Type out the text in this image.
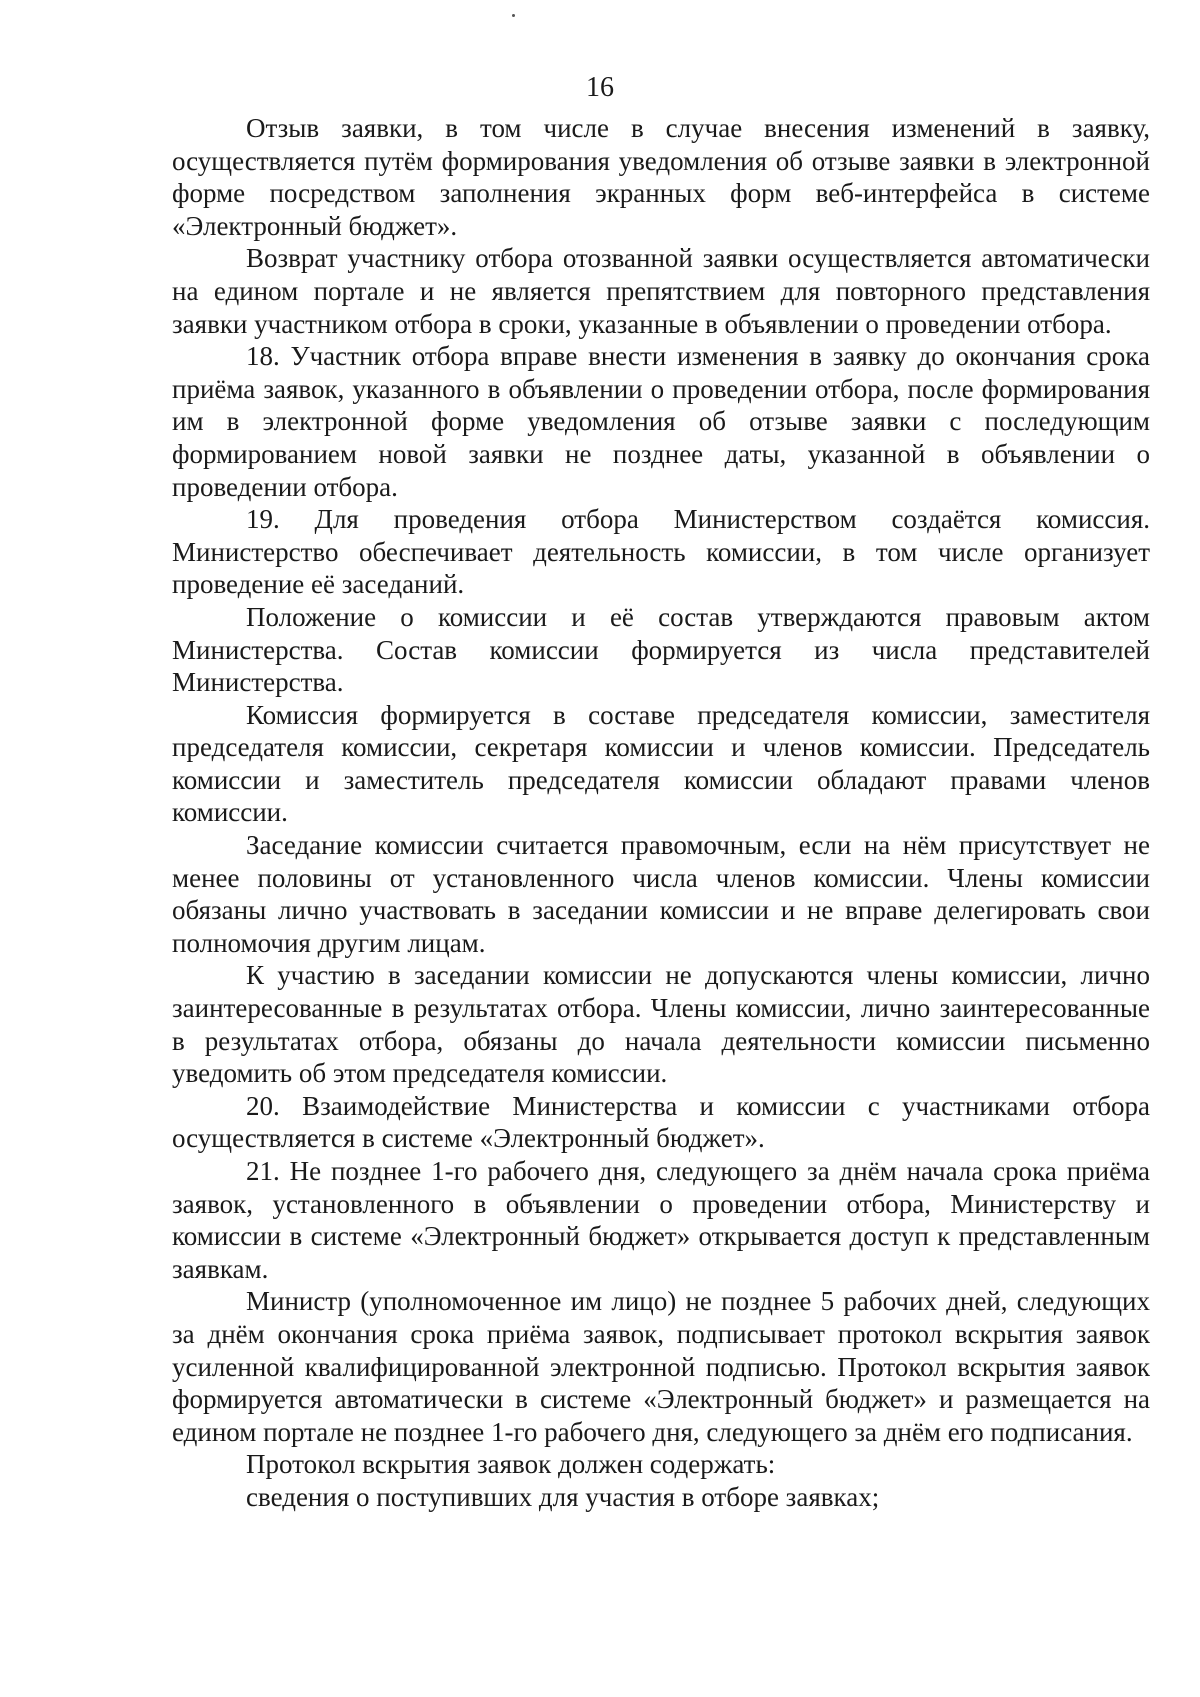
16

Отзыв заявки, в том числе в случае внесения изменений в заявку, осуществляется путём формирования уведомления об отзыве заявки в электронной форме посредством заполнения экранных форм веб-интерфейса в системе «Электронный бюджет».

Возврат участнику отбора отозванной заявки осуществляется автоматически на едином портале и не является препятствием для повторного представления заявки участником отбора в сроки, указанные в объявлении о проведении отбора.

18. Участник отбора вправе внести изменения в заявку до окончания срока приёма заявок, указанного в объявлении о проведении отбора, после формирования им в электронной форме уведомления об отзыве заявки с последующим формированием новой заявки не позднее даты, указанной в объявлении о проведении отбора.

19. Для проведения отбора Министерством создаётся комиссия. Министерство обеспечивает деятельность комиссии, в том числе организует проведение её заседаний.

Положение о комиссии и её состав утверждаются правовым актом Министерства. Состав комиссии формируется из числа представителей Министерства.

Комиссия формируется в составе председателя комиссии, заместителя председателя комиссии, секретаря комиссии и членов комиссии. Председатель комиссии и заместитель председателя комиссии обладают правами членов комиссии.

Заседание комиссии считается правомочным, если на нём присутствует не менее половины от установленного числа членов комиссии. Члены комиссии обязаны лично участвовать в заседании комиссии и не вправе делегировать свои полномочия другим лицам.

К участию в заседании комиссии не допускаются члены комиссии, лично заинтересованные в результатах отбора. Члены комиссии, лично заинтересованные в результатах отбора, обязаны до начала деятельности комиссии письменно уведомить об этом председателя комиссии.

20. Взаимодействие Министерства и комиссии с участниками отбора осуществляется в системе «Электронный бюджет».

21. Не позднее 1-го рабочего дня, следующего за днём начала срока приёма заявок, установленного в объявлении о проведении отбора, Министерству и комиссии в системе «Электронный бюджет» открывается доступ к представленным заявкам.

Министр (уполномоченное им лицо) не позднее 5 рабочих дней, следующих за днём окончания срока приёма заявок, подписывает протокол вскрытия заявок усиленной квалифицированной электронной подписью. Протокол вскрытия заявок формируется автоматически в системе «Электронный бюджет» и размещается на едином портале не позднее 1-го рабочего дня, следующего за днём его подписания.

Протокол вскрытия заявок должен содержать:

сведения о поступивших для участия в отборе заявках;
